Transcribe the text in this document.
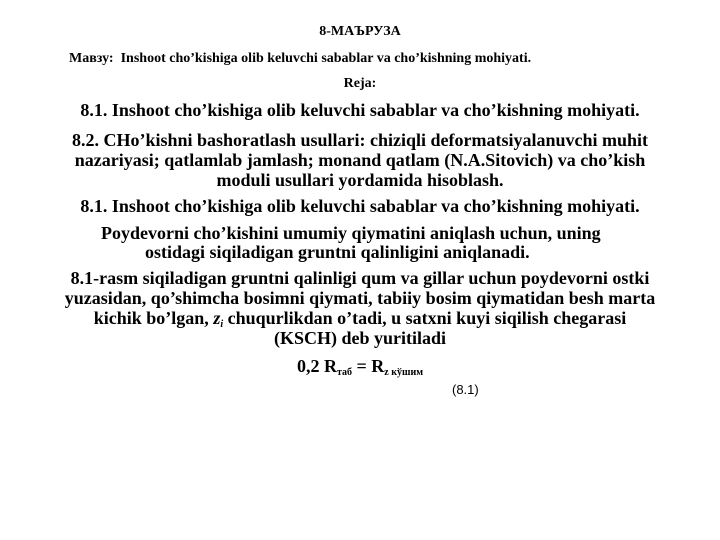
8-МАЪРУЗА
Мавзу: Inshoot cho’kishiga olib keluvchi sabablar va cho’kishning mohiyati.
Reja:
8.1. Inshoot cho’kishiga olib keluvchi sabablar va cho’kishning mohiyati.
8.2. CHo’kishni bashoratlash usullari: chiziqli deformatsiyalanuvchi muhit
nazariyasi; qatlamlab jamlash; monand qatlam (N.A.Sitovich) va cho’kish
moduli usullari yordamida hisoblash.
8.1. Inshoot cho’kishiga olib keluvchi sabablar va cho’kishning mohiyati.
Poydevorni cho’kishini umumiy qiymatini aniqlash uchun, uning
ostidagi siqiladigan gruntni qalinligini aniqlanadi.
8.1-rasm siqiladigan gruntni qalinligi qum va gillar uchun poydevorni ostki
yuzasidan, qo’shimcha bosimni qiymati, tabiiy bosim qiymatidan besh marta
kichik bo’lgan, $z_i$ chuqurlikdan o’tadi, u satxni kuyi siqilish chegarasi
(KSCH) deb yuritiladi
0,2 $R_{таб} = R_{z кўшим}$
(8.1)
